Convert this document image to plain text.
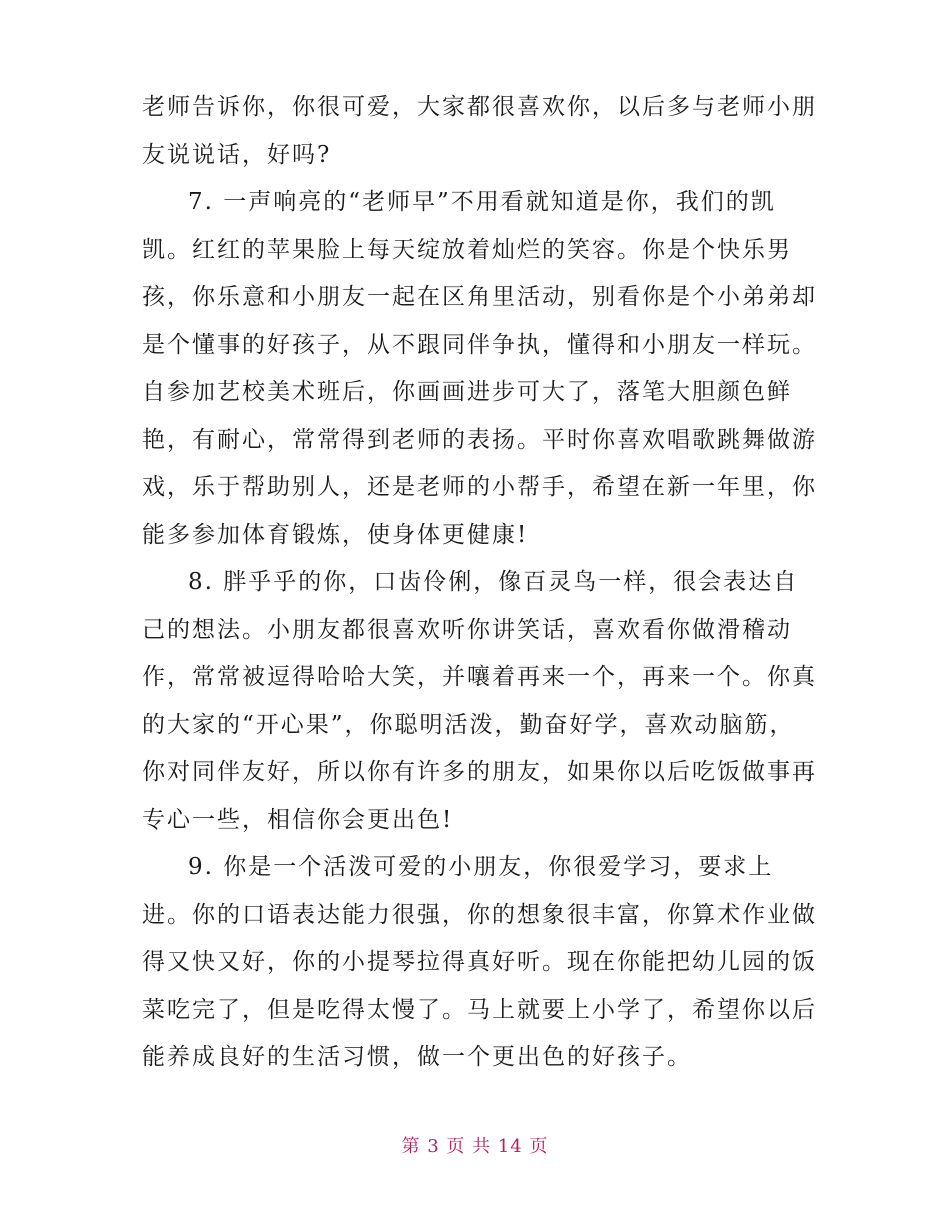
老师告诉你，你很可爱，大家都很喜欢你，以后多与老师小朋
友说说话，好吗?
7. 一声响亮的“老师早”不用看就知道是你，我们的凯
凯。红红的苹果脸上每天绽放着灿烂的笑容。你是个快乐男
孩，你乐意和小朋友一起在区角里活动，别看你是个小弟弟却
是个懂事的好孩子，从不跟同伴争执，懂得和小朋友一样玩。
自参加艺校美术班后，你画画进步可大了，落笔大胆颜色鲜
艳，有耐心，常常得到老师的表扬。平时你喜欢唱歌跳舞做游
戏，乐于帮助别人，还是老师的小帮手，希望在新一年里，你
能多参加体育锻炼，使身体更健康!
8. 胖乎乎的你，口齿伶俐，像百灵鸟一样，很会表达自
己的想法。小朋友都很喜欢听你讲笑话，喜欢看你做滑稽动
作，常常被逗得哈哈大笑，并嚷着再来一个，再来一个。你真
的大家的“开心果”，你聪明活泼，勤奋好学，喜欢动脑筋，
你对同伴友好，所以你有许多的朋友，如果你以后吃饭做事再
专心一些，相信你会更出色!
9. 你是一个活泼可爱的小朋友，你很爱学习，要求上
进。你的口语表达能力很强，你的想象很丰富，你算术作业做
得又快又好，你的小提琴拉得真好听。现在你能把幼儿园的饭
菜吃完了，但是吃得太慢了。马上就要上小学了，希望你以后
能养成良好的生活习惯，做一个更出色的好孩子。
第 3 页 共 14 页
